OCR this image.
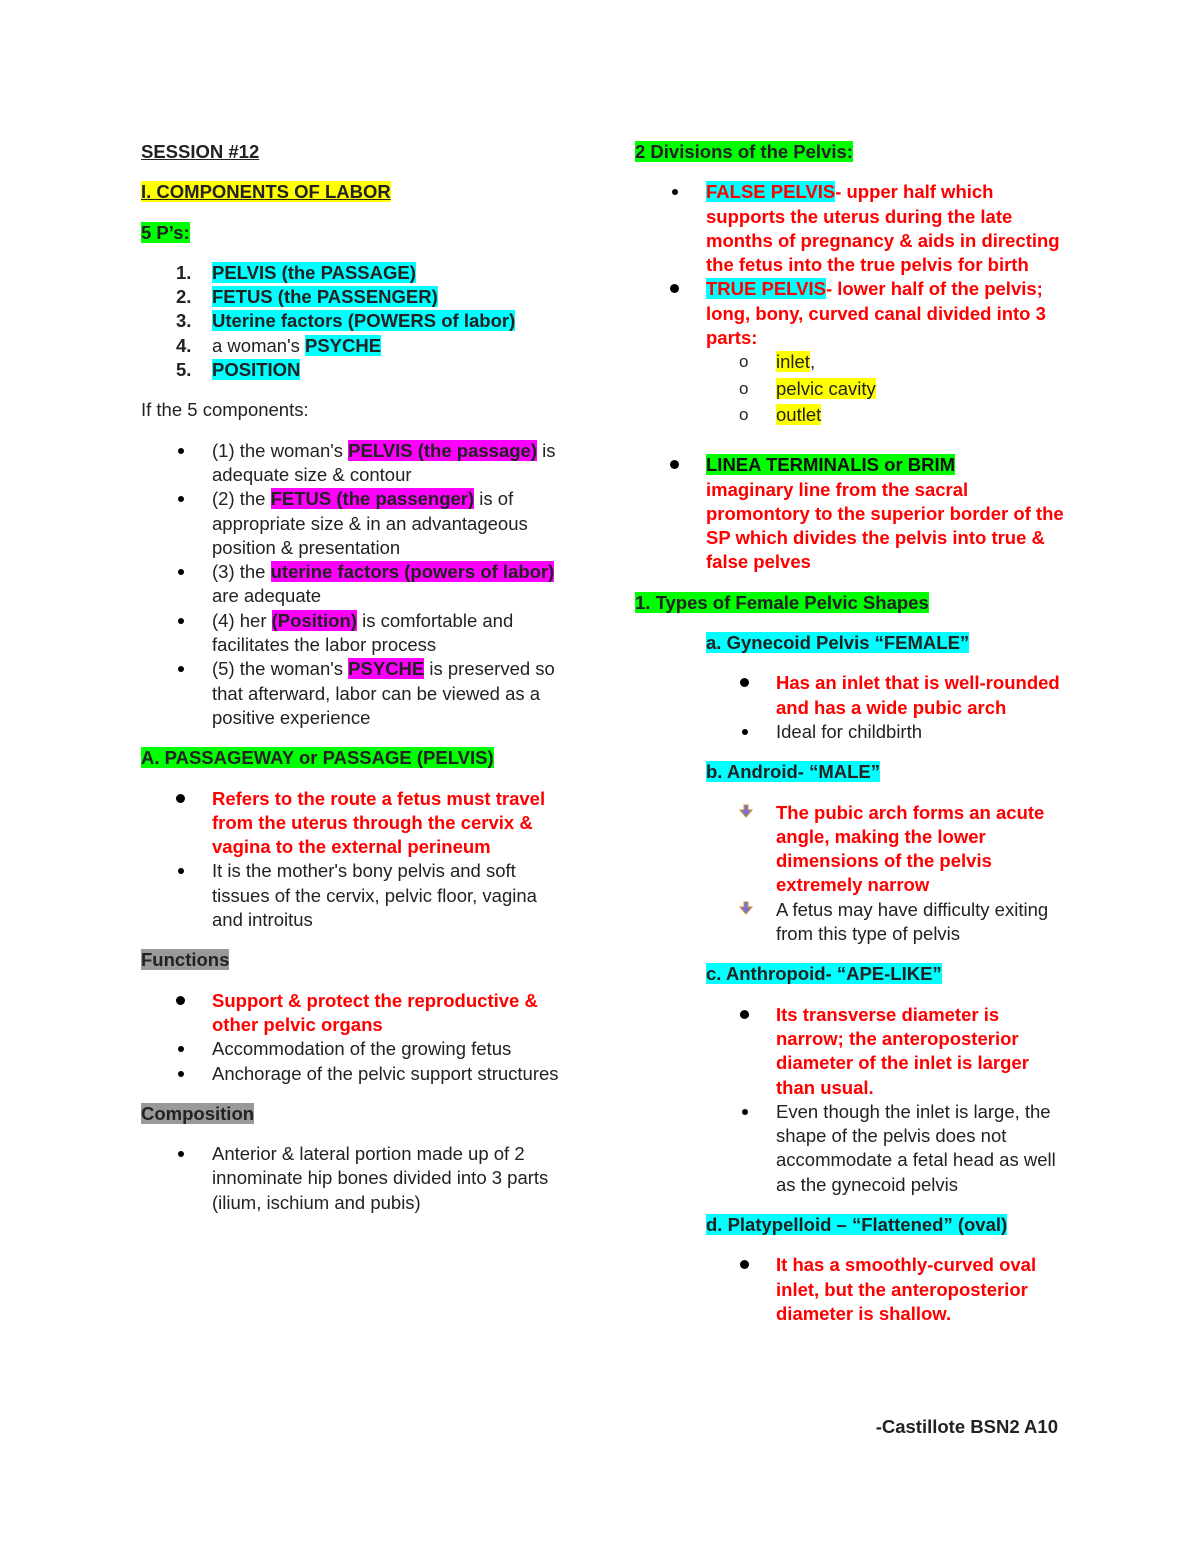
SESSION #12
I. COMPONENTS OF LABOR
5 P’s:
1. PELVIS (the PASSAGE)
2. FETUS (the PASSENGER)
3. Uterine factors (POWERS of labor)
4. a woman's PSYCHE
5. POSITION
If the 5 components:
(1) the woman's PELVIS (the passage) is adequate size & contour
(2) the FETUS (the passenger) is of appropriate size & in an advantageous position & presentation
(3) the uterine factors (powers of labor) are adequate
(4) her (Position) is comfortable and facilitates the labor process
(5) the woman's PSYCHE is preserved so that afterward, labor can be viewed as a positive experience
A. PASSAGEWAY or PASSAGE (PELVIS)
Refers to the route a fetus must travel from the uterus through the cervix & vagina to the external perineum
It is the mother's bony pelvis and soft tissues of the cervix, pelvic floor, vagina and introitus
Functions
Support & protect the reproductive & other pelvic organs
Accommodation of the growing fetus
Anchorage of the pelvic support structures
Composition
Anterior & lateral portion made up of 2 innominate hip bones divided into 3 parts (ilium, ischium and pubis)
2 Divisions of the Pelvis:
FALSE PELVIS- upper half which supports the uterus during the late months of pregnancy & aids in directing the fetus into the true pelvis for birth
TRUE PELVIS- lower half of the pelvis; long, bony, curved canal divided into 3 parts:
o inlet,
o pelvic cavity
o outlet
LINEA TERMINALIS or BRIM
imaginary line from the sacral promontory to the superior border of the SP which divides the pelvis into true & false pelves
1. Types of Female Pelvic Shapes
a. Gynecoid Pelvis “FEMALE”
Has an inlet that is well-rounded and has a wide pubic arch
Ideal for childbirth
b. Android- “MALE”
The pubic arch forms an acute angle, making the lower dimensions of the pelvis extremely narrow
A fetus may have difficulty exiting from this type of pelvis
c. Anthropoid- “APE-LIKE”
Its transverse diameter is narrow; the anteroposterior diameter of the inlet is larger than usual.
Even though the inlet is large, the shape of the pelvis does not accommodate a fetal head as well as the gynecoid pelvis
d. Platypelloid – “Flattened” (oval)
It has a smoothly-curved oval inlet, but the anteroposterior diameter is shallow.
-Castillote BSN2 A10
